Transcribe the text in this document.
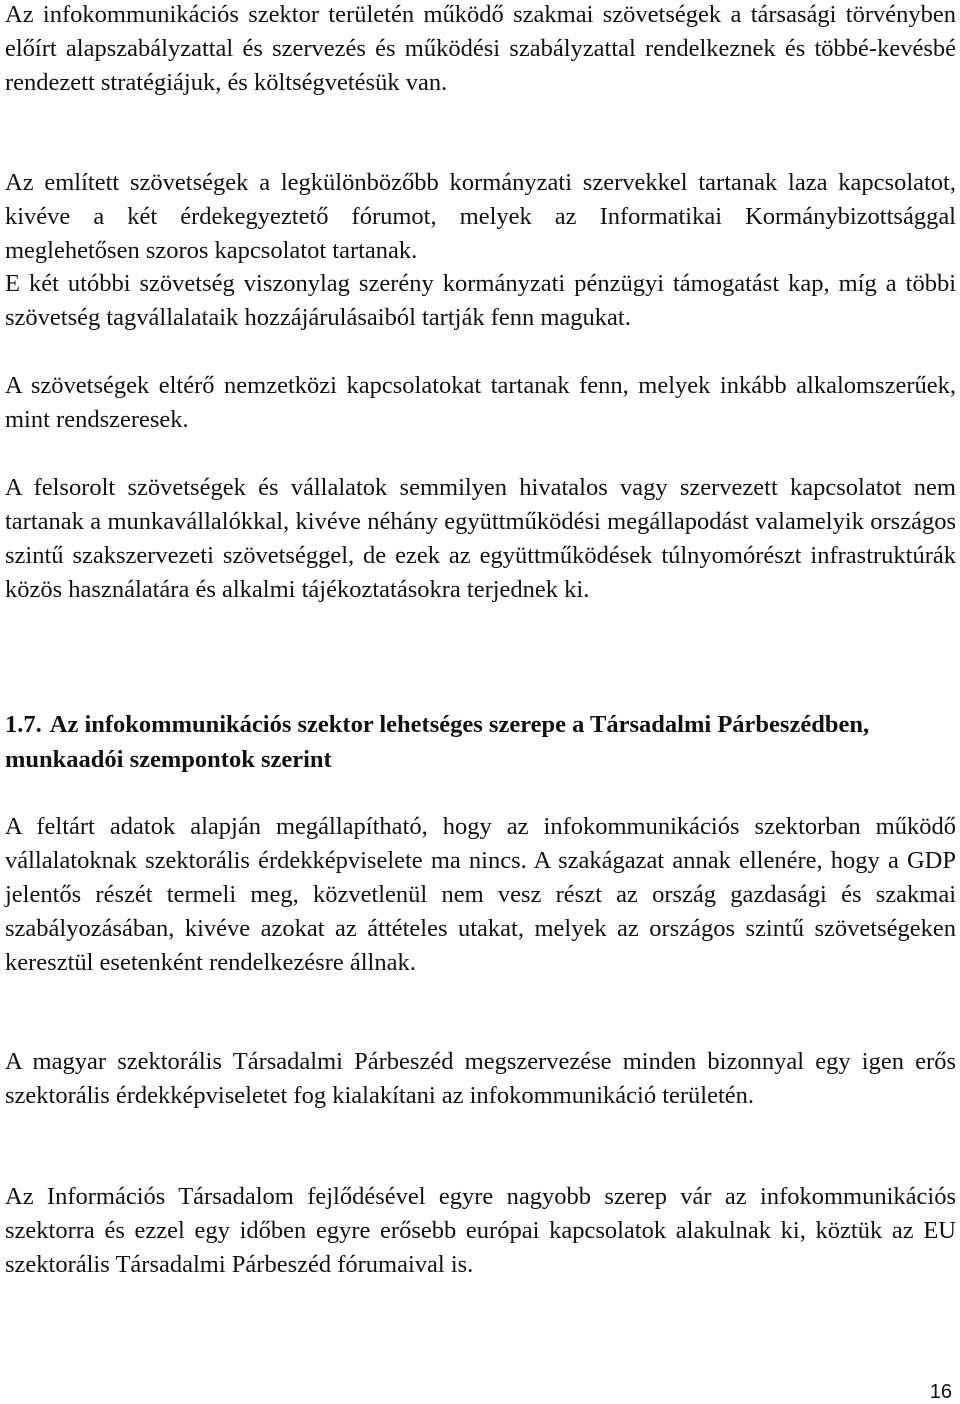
Az infokommunikációs szektor területén működő szakmai szövetségek a társasági törvényben előírt alapszabályzattal és szervezés és működési szabályzattal rendelkeznek és többé-kevésbé rendezett stratégiájuk, és költségvetésük van.

Az említett szövetségek a legkülönbözőbb kormányzati szervekkel tartanak laza kapcsolatot, kivéve a két érdekegyeztető fórumot, melyek az Informatikai Kormánybizottsággal meglehetősen szoros kapcsolatot tartanak.

E két utóbbi szövetség viszonylag szerény kormányzati pénzügyi támogatást kap, míg a többi szövetség tagvállalataik hozzájárulásaiból tartják fenn magukat.

A szövetségek eltérő nemzetközi kapcsolatokat tartanak fenn, melyek inkább alkalomszerűek, mint rendszeresek.

A felsorolt szövetségek és vállalatok semmilyen hivatalos vagy szervezett kapcsolatot nem tartanak a munkavállalókkal, kivéve néhány együttműködési megállapodást valamelyik országos szintű szakszervezeti szövetséggel, de ezek az együttműködések túlnyomórészt infrastruktúrák közös használatára és alkalmi tájékoztatásokra terjednek ki.

1.7. Az infokommunikációs szektor lehetséges szerepe a Társadalmi Párbeszédben, munkaadói szempontok szerint

A feltárt adatok alapján megállapítható, hogy az infokommunikációs szektorban működő vállalatoknak szektorális érdekképviselete ma nincs. A szakágazat annak ellenére, hogy a GDP jelentős részét termeli meg, közvetlenül nem vesz részt az ország gazdasági és szakmai szabályozásában, kivéve azokat az áttételes utakat, melyek az országos szintű szövetségeken keresztül esetenként rendelkezésre állnak.

A magyar szektorális Társadalmi Párbeszéd megszervezése minden bizonnyal egy igen erős szektorális érdekképviseletet fog kialakítani az infokommunikáció területén.

Az Információs Társadalom fejlődésével egyre nagyobb szerep vár az infokommunikációs szektorra és ezzel egy időben egyre erősebb európai kapcsolatok alakulnak ki, köztük az EU szektorális Társadalmi Párbeszéd fórumaival is.

16
